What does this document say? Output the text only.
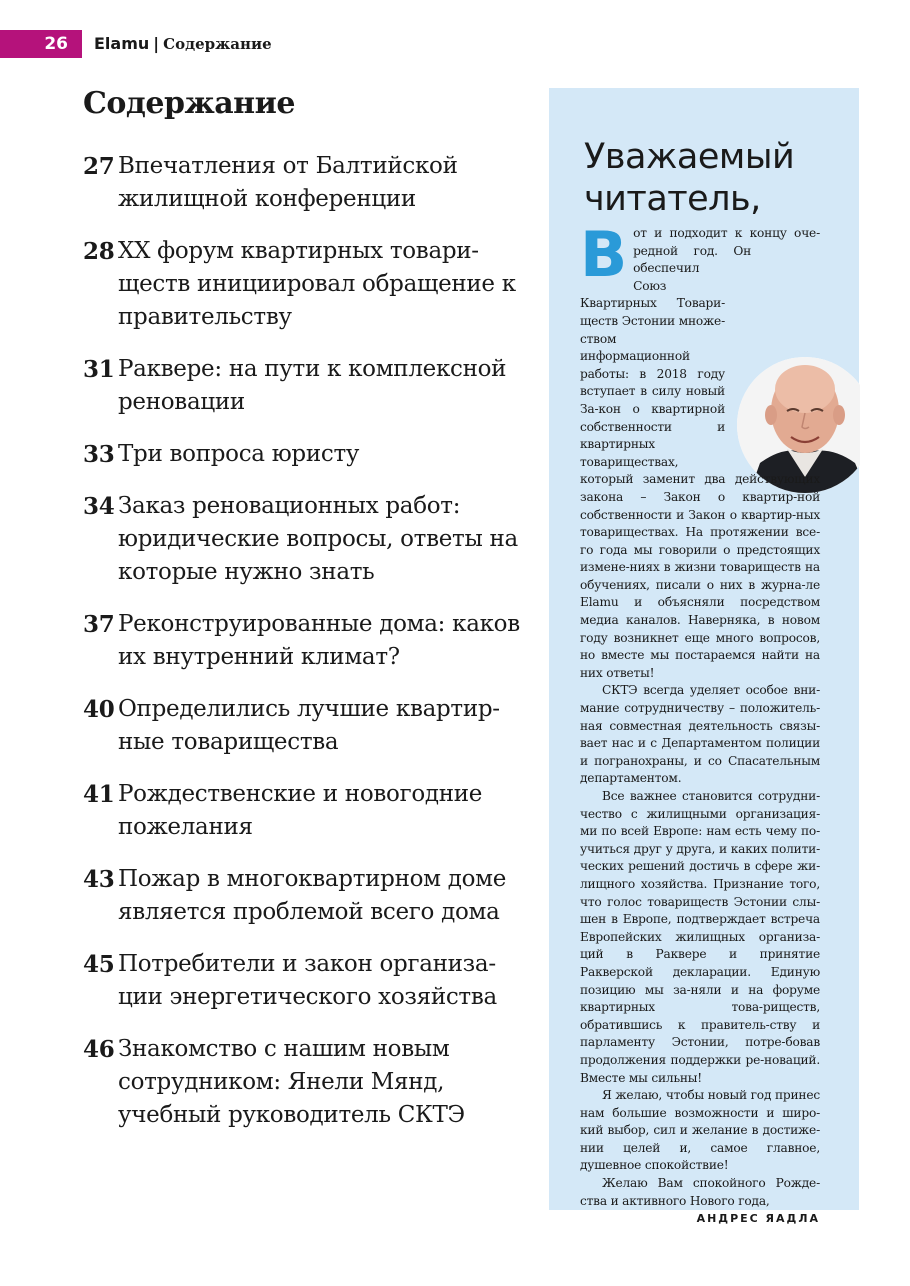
26	Elamu | Содержание
Содержание
27 Впечатления от Балтийской жилищной конференции
28 XX форум квартирных товари-ществ инициировал обращение к правительству
31 Раквере: на пути к комплексной реновации
33 Три вопроса юристу
34 Заказ реновационных работ: юридические вопросы, ответы на которые нужно знать
37 Реконструированные дома: каков их внутренний климат?
40 Определились лучшие квартир-ные товарищества
41 Рождественские и новогодние пожелания
43 Пожар в многоквартирном доме является проблемой всего дома
45 Потребители и закон организа-ции энергетического хозяйства
46 Знакомство с нашим новым сотрудником: Янели Мянд, учебный руководитель СКТЭ
Уважаемый читатель,

В от и подходит к концу оче-редной год. Он обеспечил Союз Квартирных Товари-ществ Эстонии множе-ством информационной работы: в 2018 году вступает в силу новый За-кон о квартирной собственности и квартирных товариществах, который заменит два действующих закона – Закон о квартир-ной собственности и Закон о квартир-ных товариществах. На протяжении все-го года мы говорили о предстоящих измене-ниях в жизни товариществ на обучениях, писали о них в журна-ле Elamu и объясняли посредством медиа каналов. Наверняка, в новом году возникнет еще много вопросов, но вместе мы постараемся найти на них ответы!

СКТЭ всегда уделяет особое вни-мание сотрудничеству – положитель-ная совместная деятельность связы-вает нас и с Департаментом полиции и погранохраны, и со Спасательным департаментом.

Все важнее становится сотрудни-чество с жилищными организация-ми по всей Европе: нам есть чему по-учиться друг у друга, и каких полити-ческих решений достичь в сфере жи-лищного хозяйства. Признание того, что голос товариществ Эстонии слы-шен в Европе, подтверждает встреча Европейских жилищных организа-ций в Раквере и принятие Ракверской декларации. Единую позицию мы за-няли и на форуме квартирных това-риществ, обратившись к правитель-ству и парламенту Эстонии, потре-бовав продолжения поддержки ре-новаций. Вместе мы сильны!

Я желаю, чтобы новый год принес нам большие возможности и широ-кий выбор, сил и желание в достиже-нии целей и, самое главное, душевное спокойствие!

Желаю Вам спокойного Рожде-ства и активного Нового года,

АНДРЕС ЯАДЛА
